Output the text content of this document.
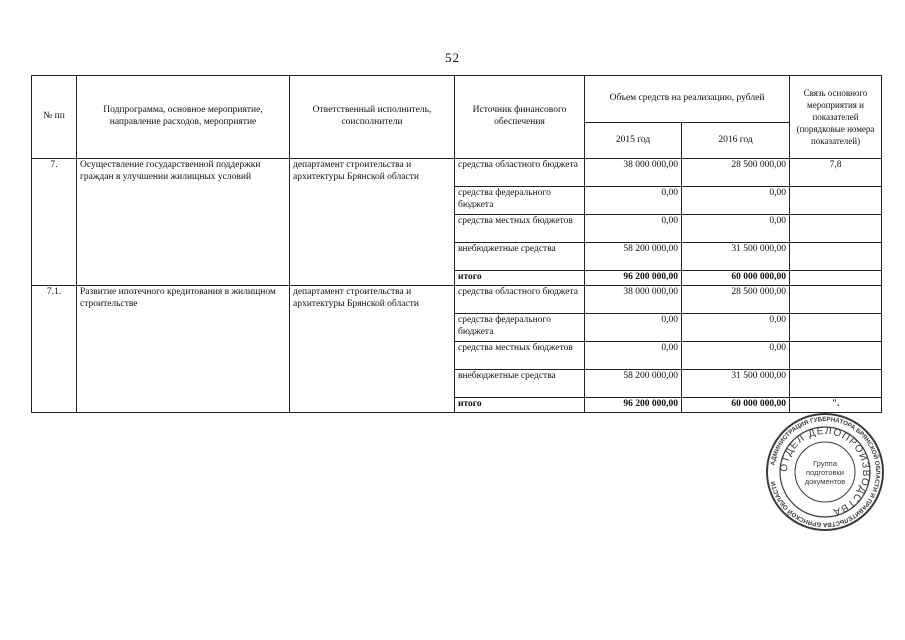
52
№ пп	Подпрограмма, основное мероприятие, направление расходов, мероприятие	Ответственный исполнитель, соисполнители	Источник финансового обеспечения	Объем средств на реализацию, рублей		Связь основного мероприятия и показателей (порядковые номера показателей)
				2015 год	2016 год	
7.	Осуществление государственной поддержки граждан в улучшении жилищных условий	департамент строительства и архитектуры Брянской области	средства областного бюджета	38 000 000,00	28 500 000,00	7,8
			средства федерального бюджета	0,00	0,00	
			средства местных бюджетов	0,00	0,00	
			внебюджетные средства	58 200 000,00	31 500 000,00	
			итого	96 200 000,00	60 000 000,00	
7.1.	Развитие ипотечного кредитования в жилищном строительстве	департамент строительства и архитектуры Брянской области	средства областного бюджета	38 000 000,00	28 500 000,00	
			средства федерального бюджета	0,00	0,00	
			средства местных бюджетов	0,00	0,00	
			внебюджетные средства	58 200 000,00	31 500 000,00	
			итого	96 200 000,00	60 000 000,00	".
АДМИНИСТРАЦИЯ ГУБЕРНАТОРА БРЯНСКОЙ ОБЛАСТИ И ПРАВИТЕЛЬСТВА БРЯНСКОЙ ОБЛАСТИ
ОТДЕЛ ДЕЛОПРОИЗВОДСТВА
Группа
подготовки
документов
